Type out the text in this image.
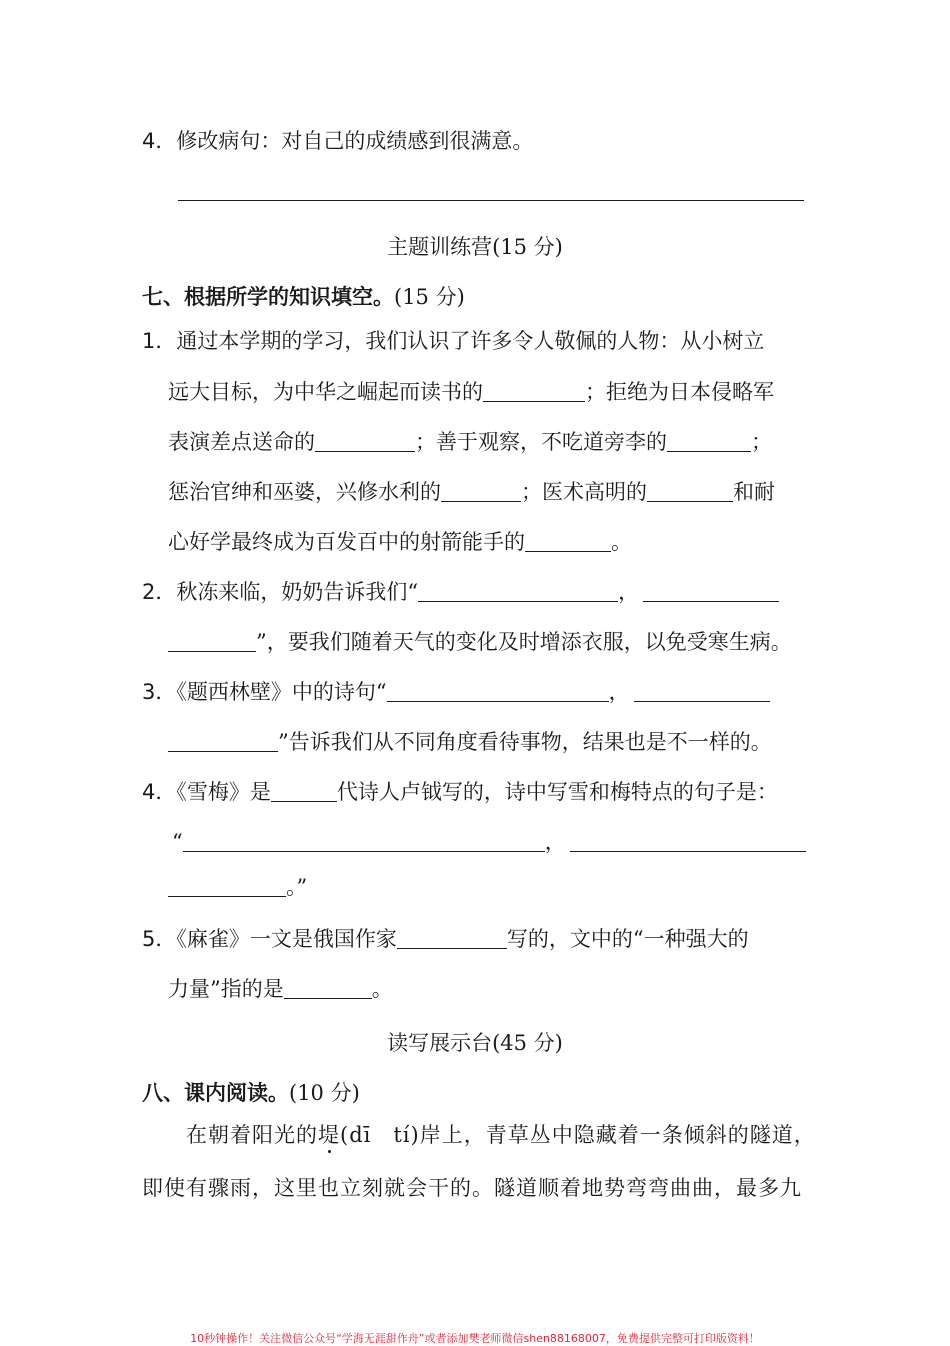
4．修改病句：对自己的成绩感到很满意。
主题训练营(15 分)
七、根据所学的知识填空。(15 分)
1．通过本学期的学习，我们认识了许多令人敬佩的人物：从小树立
远大目标，为中华之崛起而读书的	；拒绝为日本侵略军
表演差点送命的	；善于观察，不吃道旁李的	；
惩治官绅和巫婆，兴修水利的	；医术高明的	和耐
心好学最终成为百发百中的射箭能手的	。
2．秋冻来临，奶奶告诉我们“	，
”，要我们随着天气的变化及时增添衣服，以免受寒生病。
3．《题西林壁》中的诗句“	，
”告诉我们从不同角度看待事物，结果也是不一样的。
4．《雪梅》是	代诗人卢钺写的，诗中写雪和梅特点的句子是：
“	，
。”
5．《麻雀》一文是俄国作家	写的，文中的“一种强大的
力量”指的是	。
读写展示台(45 分)
八、课内阅读。(10 分)
在朝着阳光的堤(dī　tí)岸上，青草丛中隐藏着一条倾斜的隧道，
即使有骤雨，这里也立刻就会干的。隧道顺着地势弯弯曲曲，最多九
10秒钟操作！关注微信公众号“学海无涯甜作舟”或者添加樊老师微信shen88168007，免费提供完整可打印版资料！
